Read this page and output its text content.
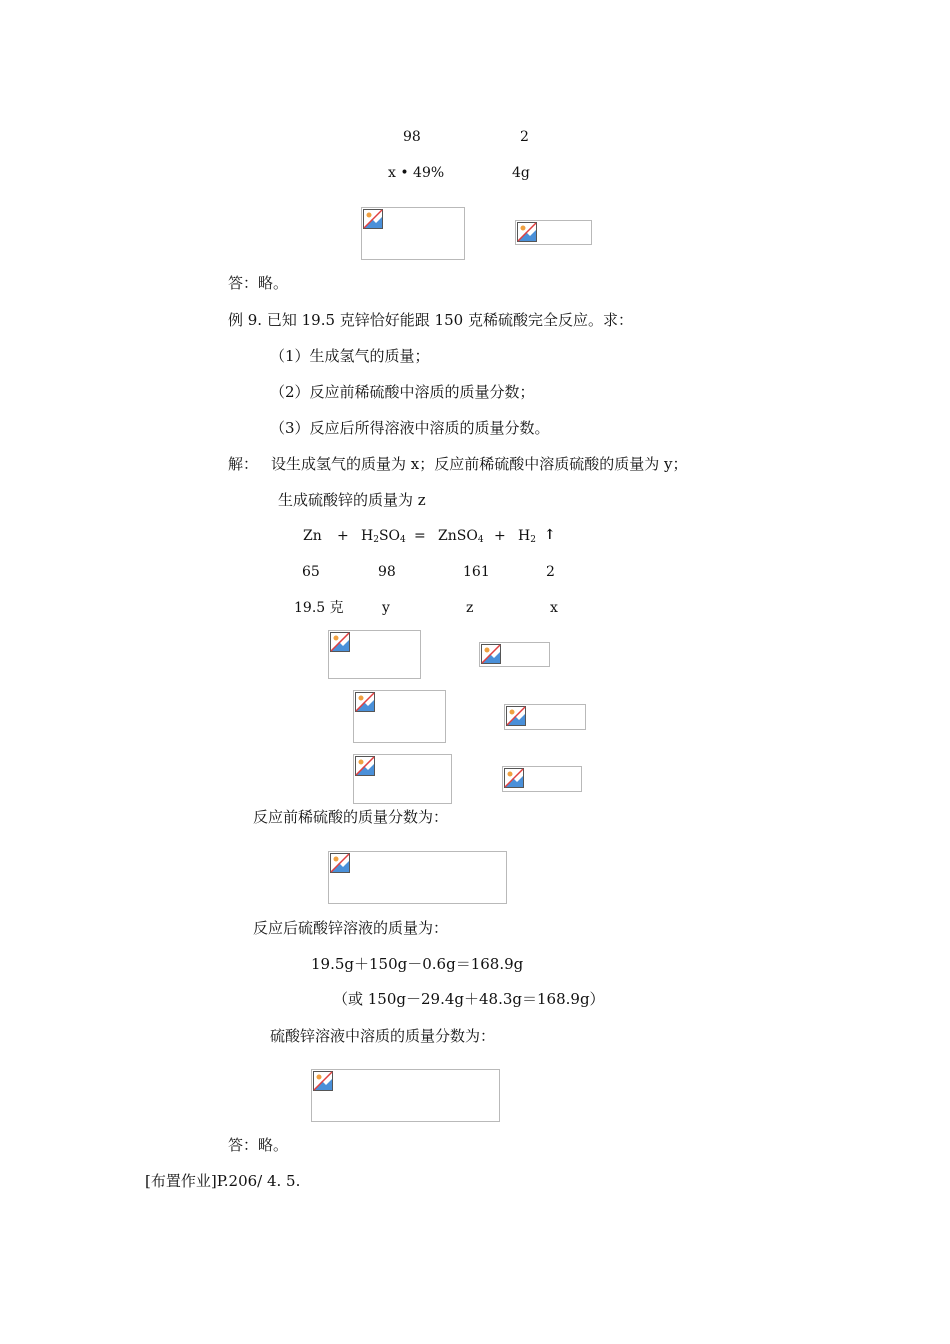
98	2
x • 49%	4g
答：略。
例 9. 已知 19.5 克锌恰好能跟 150 克稀硫酸完全反应。求：
（1）生成氢气的质量；
（2）反应前稀硫酸中溶质的质量分数；
（3）反应后所得溶液中溶质的质量分数。
解： 设生成氢气的质量为 x；反应前稀硫酸中溶质硫酸的质量为 y；
生成硫酸锌的质量为 z
$Zn + H_2SO_4$ = ZnSO$_4$ + $H_2$ ↑
65	98	161	2
19.5 克	y	z	x
反应前稀硫酸的质量分数为：
反应后硫酸锌溶液的质量为：
19.5g＋150g－0.6g＝168.9g
（或 150g－29.4g＋48.3g＝168.9g）
硫酸锌溶液中溶质的质量分数为：
答：略。
[布置作业]P.206/ 4. 5.
